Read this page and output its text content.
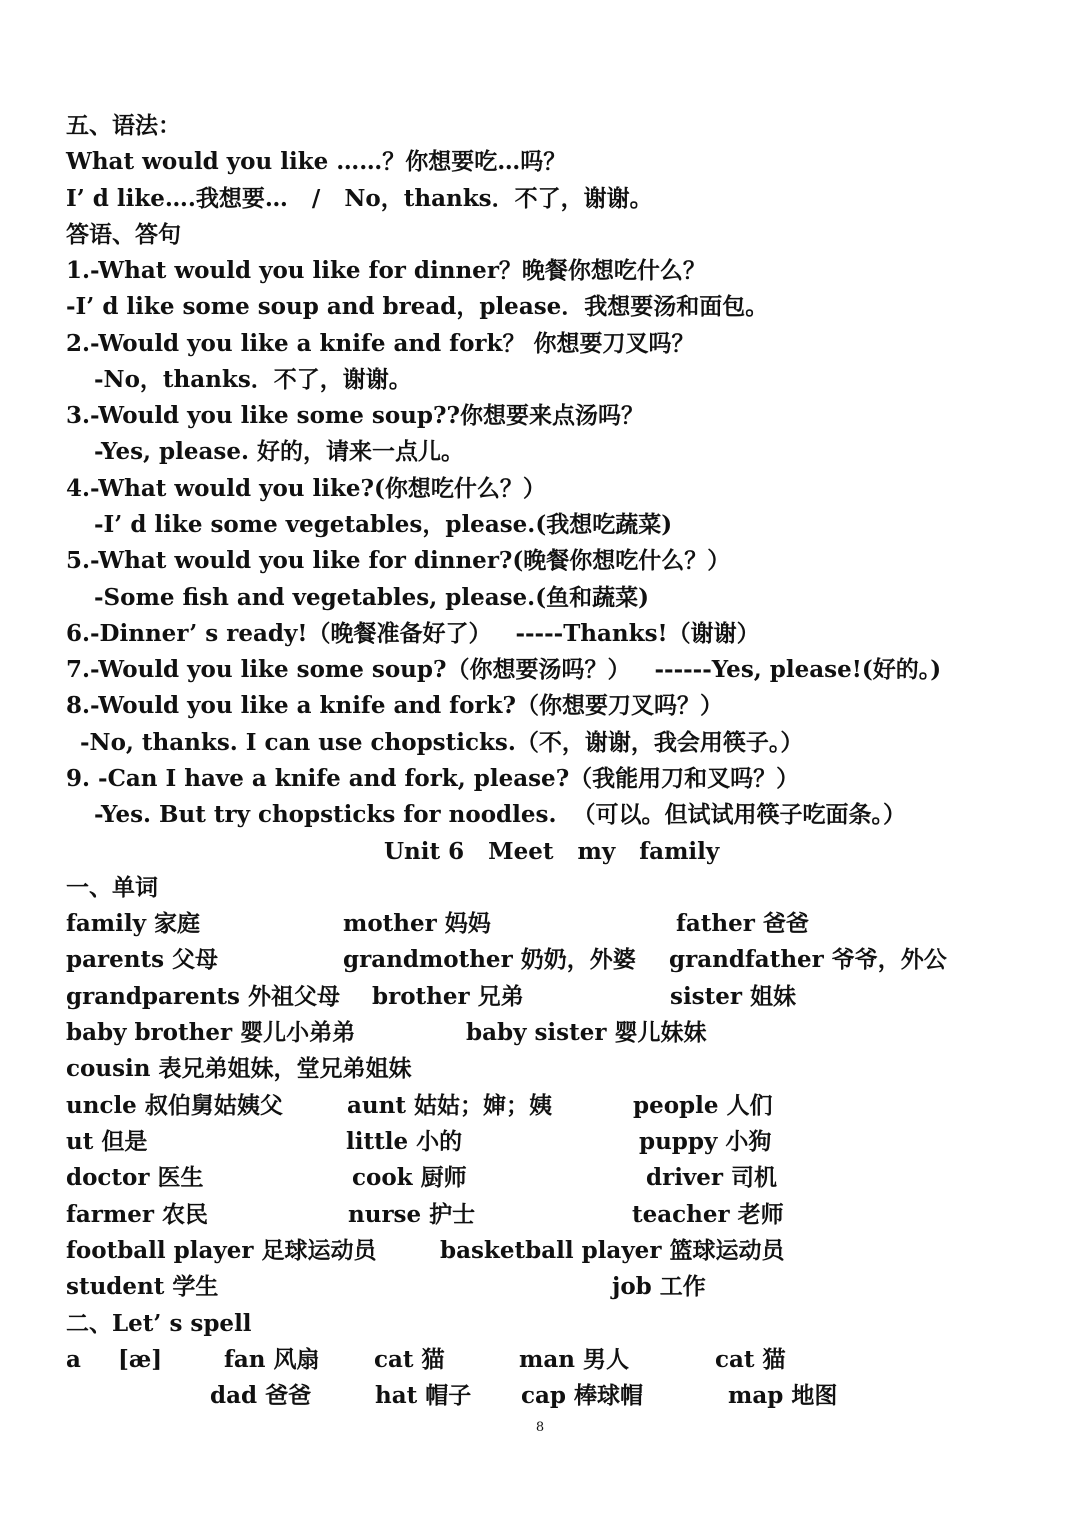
五、语法：
What would you like ……？你想要吃…吗？
I’ d like….我想要…   /   No，thanks．不了，谢谢。
答语、答句
1.-What would you like for dinner？晚餐你想吃什么？
-I’ d like some soup and bread，please．我想要汤和面包。
2.-Would you like a knife and fork？ 你想要刀叉吗？
-No，thanks．不了，谢谢。
3.-Would you like some soup??你想要来点汤吗？
-Yes, please. 好的，请来一点儿。
4.-What would you like?(你想吃什么？）
-I’ d like some vegetables，please.(我想吃蔬菜)
5.-What would you like for dinner?(晚餐你想吃什么？）
-Some fish and vegetables, please.(鱼和蔬菜)
6.-Dinner’ s ready!（晚餐准备好了）   -----Thanks!（谢谢）
7.-Would you like some soup?（你想要汤吗？）   ------Yes, please!(好的。)
8.-Would you like a knife and fork?（你想要刀叉吗？）
-No, thanks. I can use chopsticks.（不，谢谢，我会用筷子。）
9. -Can I have a knife and fork, please?（我能用刀和叉吗？）
-Yes. But try chopsticks for noodles.  （可以。但试试用筷子吃面条。）
Unit 6   Meet   my   family
一、单词
family 家庭	mother 妈妈	father 爸爸
parents 父母	grandmother 奶奶，外婆 grandfather 爷爷，外公
grandparents 外祖父母 brother 兄弟	sister 姐妹
baby brother 婴儿小弟弟	baby sister 婴儿妹妹
cousin 表兄弟姐妹，堂兄弟姐妹
uncle 叔伯舅姑姨父	aunt 姑姑；婶；姨	people 人们
ut 但是	little 小的	puppy 小狗
doctor 医生	cook 厨师	driver 司机
farmer 农民	nurse 护士	teacher 老师
football player 足球运动员	basketball player 篮球运动员
student 学生	job 工作
二、Let’ s spell
a [æ]	fan 风扇 cat 猫	man 男人	cat 猫
dad 爸爸	hat 帽子 cap 棒球帽	map 地图
8
